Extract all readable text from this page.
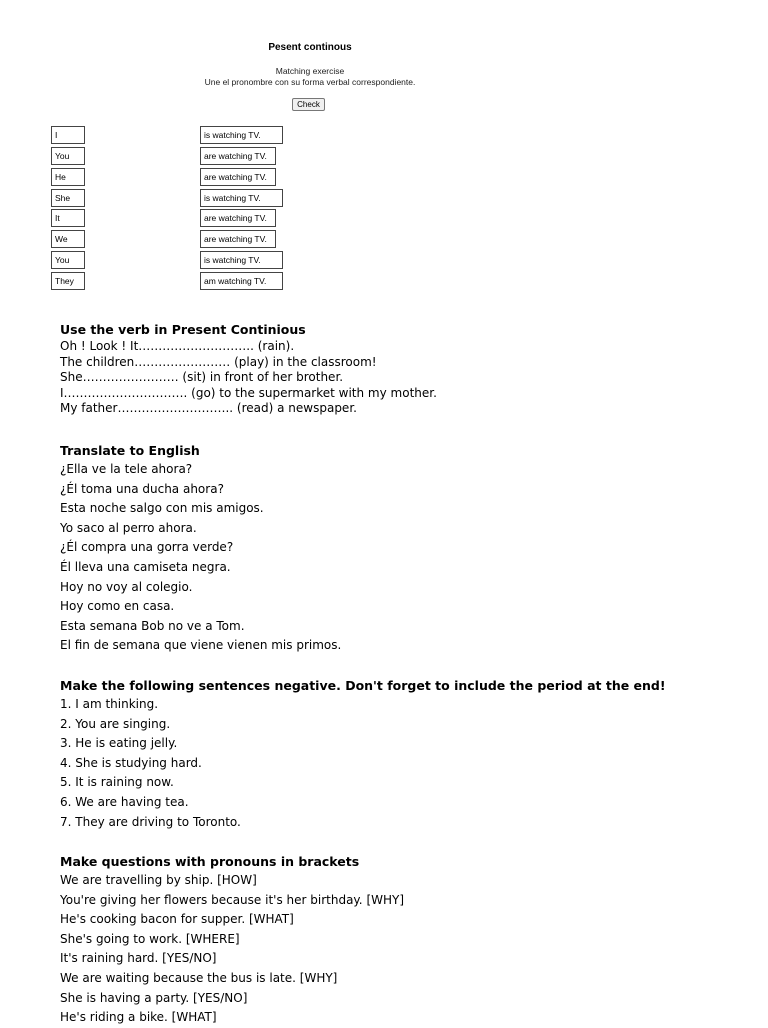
Pesent continous
Matching exercise
Une el pronombre con su forma verbal correspondiente.
Check
I
You
He
She
It
We
You
They
is watching TV.
are watching TV.
are watching TV.
is watching TV.
are watching TV.
are watching TV.
is watching TV.
am watching TV.
Use the verb in Present Continious
Oh ! Look ! It……………………….. (rain).
The children…………………… (play) in the classroom!
She…………………… (sit) in front of her brother.
I…………………………. (go) to the supermarket with my mother.
My father……………………….. (read) a newspaper.
Translate to English
¿Ella ve la tele ahora?
¿Él toma una ducha ahora?
Esta noche salgo con mis amigos.
Yo saco al perro ahora.
¿Él compra una gorra verde?
Él lleva una camiseta negra.
Hoy no voy al colegio.
Hoy como en casa.
Esta semana Bob no ve a Tom.
El fin de semana que viene vienen mis primos.
Make the following sentences negative. Don't forget to include the period at the end!
1. I am thinking.
2. You are singing.
3. He is eating jelly.
4. She is studying hard.
5. It is raining now.
6. We are having tea.
7. They are driving to Toronto.
Make questions with pronouns in brackets
We are travelling by ship. [HOW]
You're giving her flowers because it's her birthday. [WHY]
He's cooking bacon for supper. [WHAT]
She's going to work. [WHERE]
It's raining hard. [YES/NO]
We are waiting because the bus is late. [WHY]
She is having a party. [YES/NO]
He's riding a bike. [WHAT]
